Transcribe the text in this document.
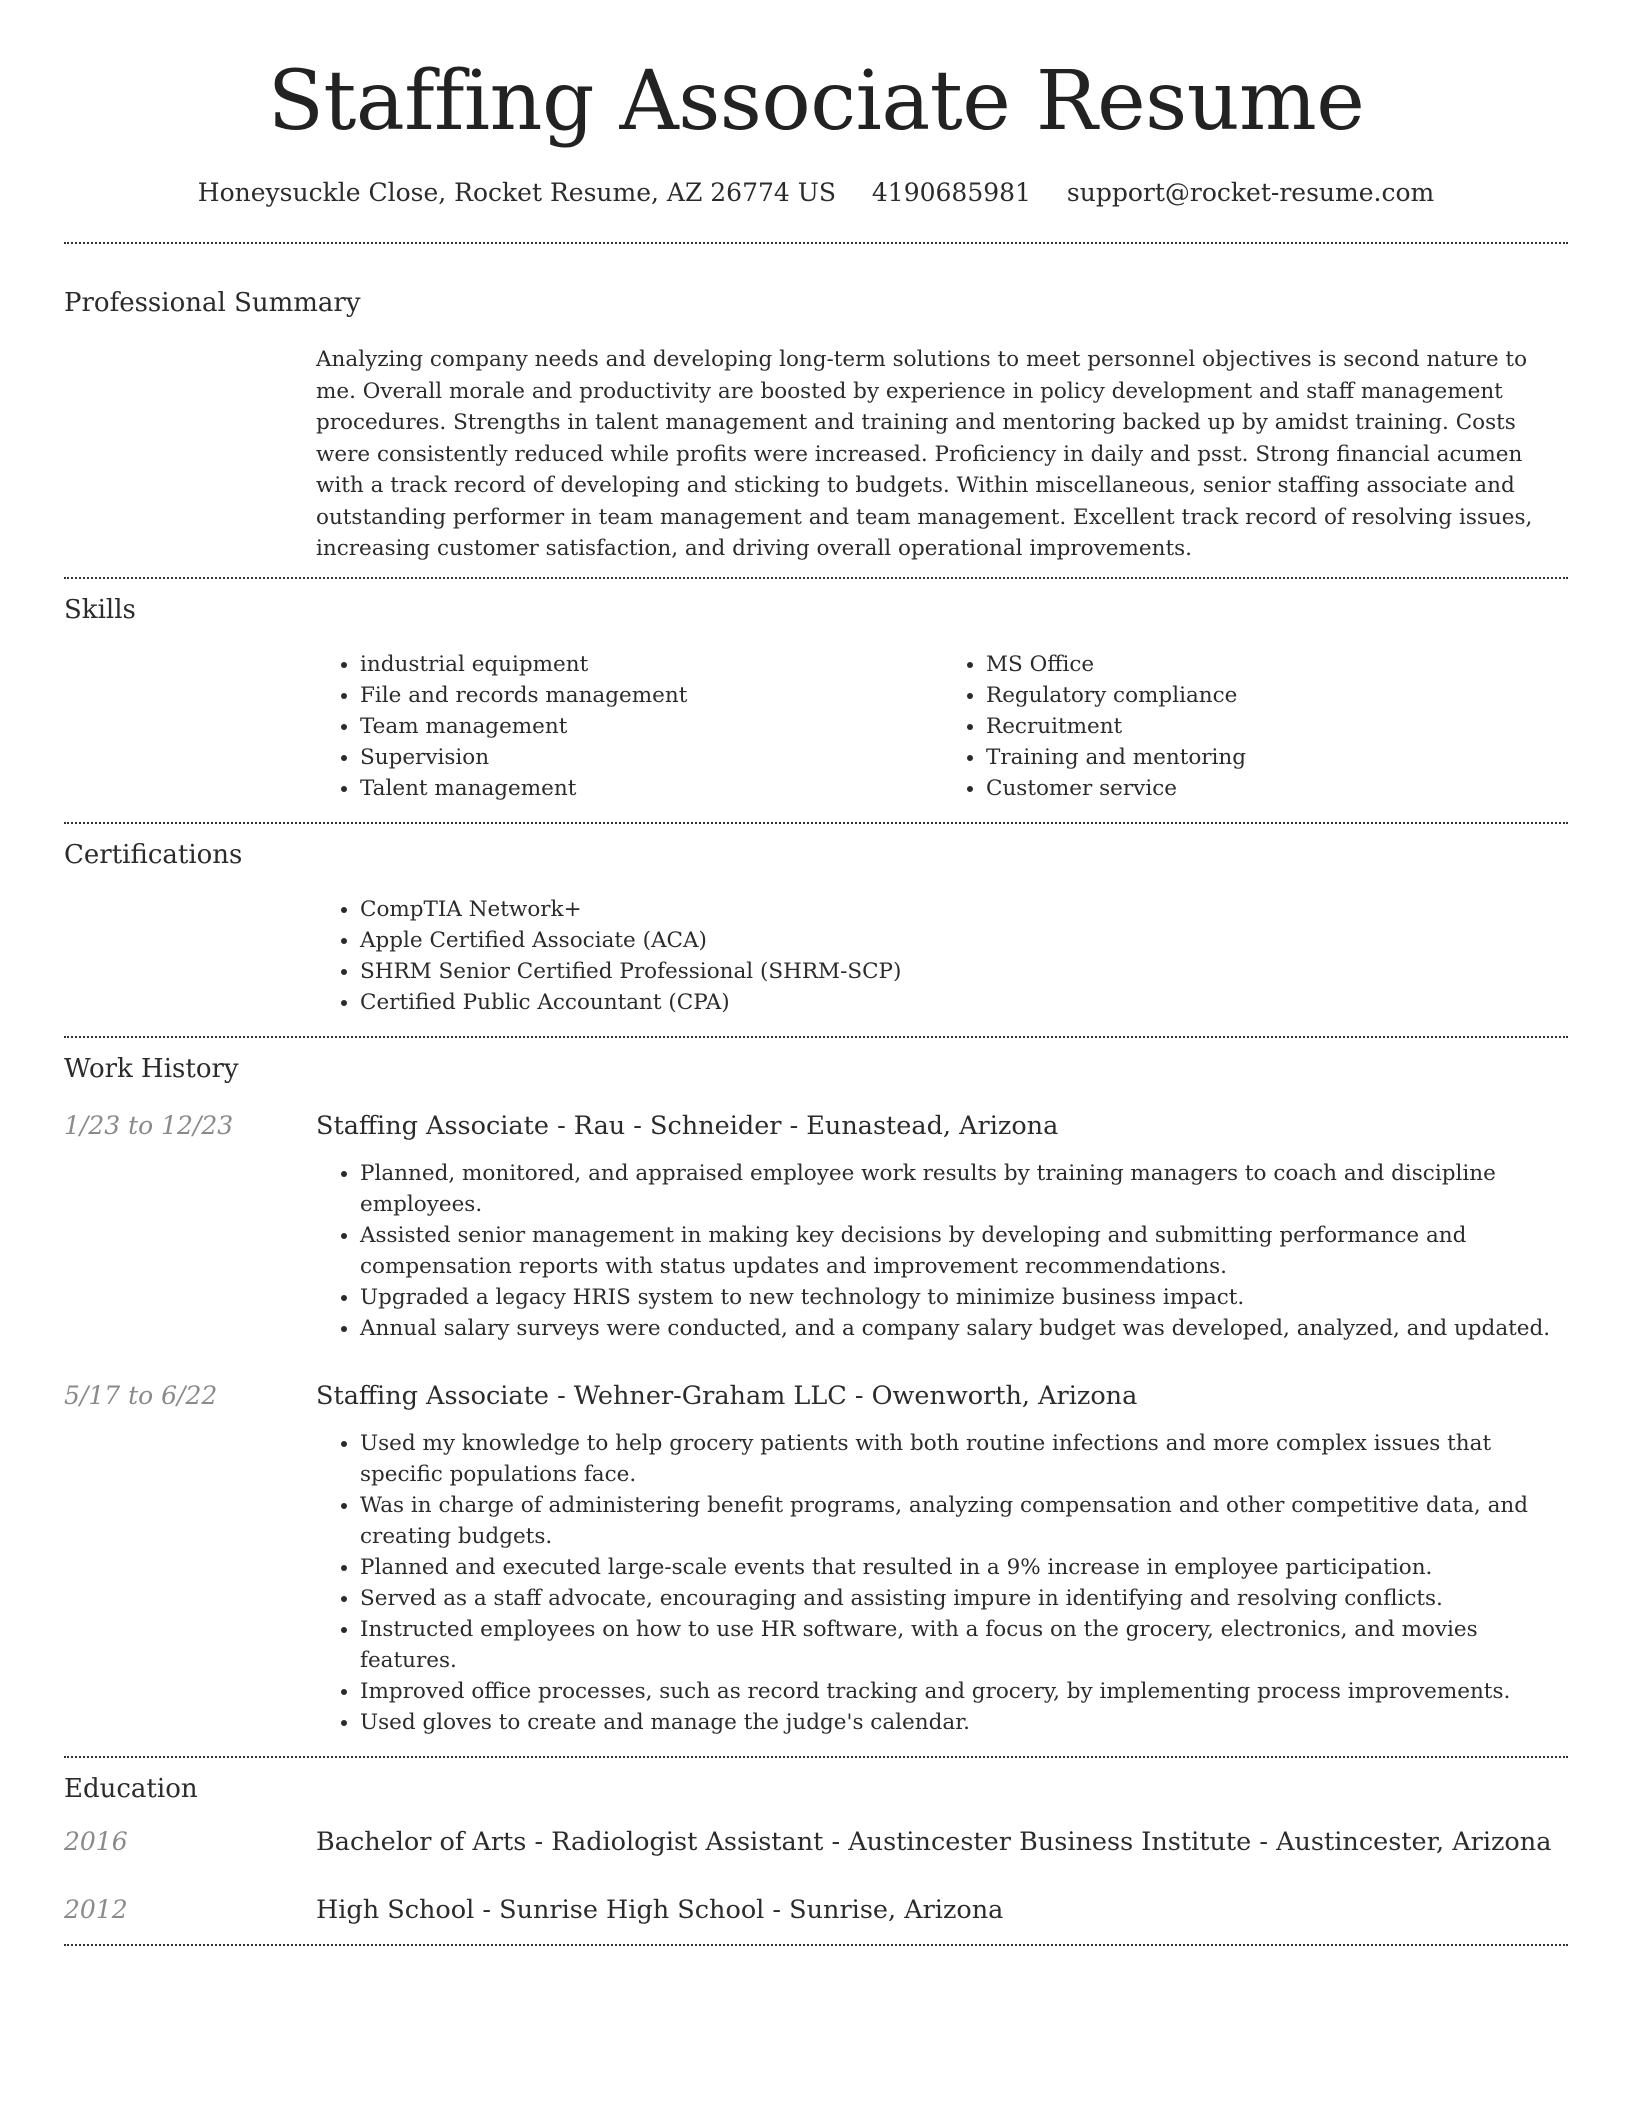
Staffing Associate Resume
Honeysuckle Close, Rocket Resume, AZ 26774 US 4190685981 support@rocket-resume.com
Professional Summary
Analyzing company needs and developing long-term solutions to meet personnel objectives is second nature to me. Overall morale and productivity are boosted by experience in policy development and staff management procedures. Strengths in talent management and training and mentoring backed up by amidst training. Costs were consistently reduced while profits were increased. Proficiency in daily and psst. Strong financial acumen with a track record of developing and sticking to budgets. Within miscellaneous, senior staffing associate and outstanding performer in team management and team management. Excellent track record of resolving issues, increasing customer satisfaction, and driving overall operational improvements.
Skills
• industrial equipment
• File and records management
• Team management
• Supervision
• Talent management
• MS Office
• Regulatory compliance
• Recruitment
• Training and mentoring
• Customer service
Certifications
• CompTIA Network+
• Apple Certified Associate (ACA)
• SHRM Senior Certified Professional (SHRM-SCP)
• Certified Public Accountant (CPA)
Work History
1/23 to 12/23	Staffing Associate - Rau - Schneider - Eunastead, Arizona
• Planned, monitored, and appraised employee work results by training managers to coach and discipline employees.
• Assisted senior management in making key decisions by developing and submitting performance and compensation reports with status updates and improvement recommendations.
• Upgraded a legacy HRIS system to new technology to minimize business impact.
• Annual salary surveys were conducted, and a company salary budget was developed, analyzed, and updated.
5/17 to 6/22	Staffing Associate - Wehner-Graham LLC - Owenworth, Arizona
• Used my knowledge to help grocery patients with both routine infections and more complex issues that specific populations face.
• Was in charge of administering benefit programs, analyzing compensation and other competitive data, and creating budgets.
• Planned and executed large-scale events that resulted in a 9% increase in employee participation.
• Served as a staff advocate, encouraging and assisting impure in identifying and resolving conflicts.
• Instructed employees on how to use HR software, with a focus on the grocery, electronics, and movies features.
• Improved office processes, such as record tracking and grocery, by implementing process improvements.
• Used gloves to create and manage the judge's calendar.
Education
2016	Bachelor of Arts - Radiologist Assistant - Austincester Business Institute - Austincester, Arizona
2012	High School - Sunrise High School - Sunrise, Arizona
